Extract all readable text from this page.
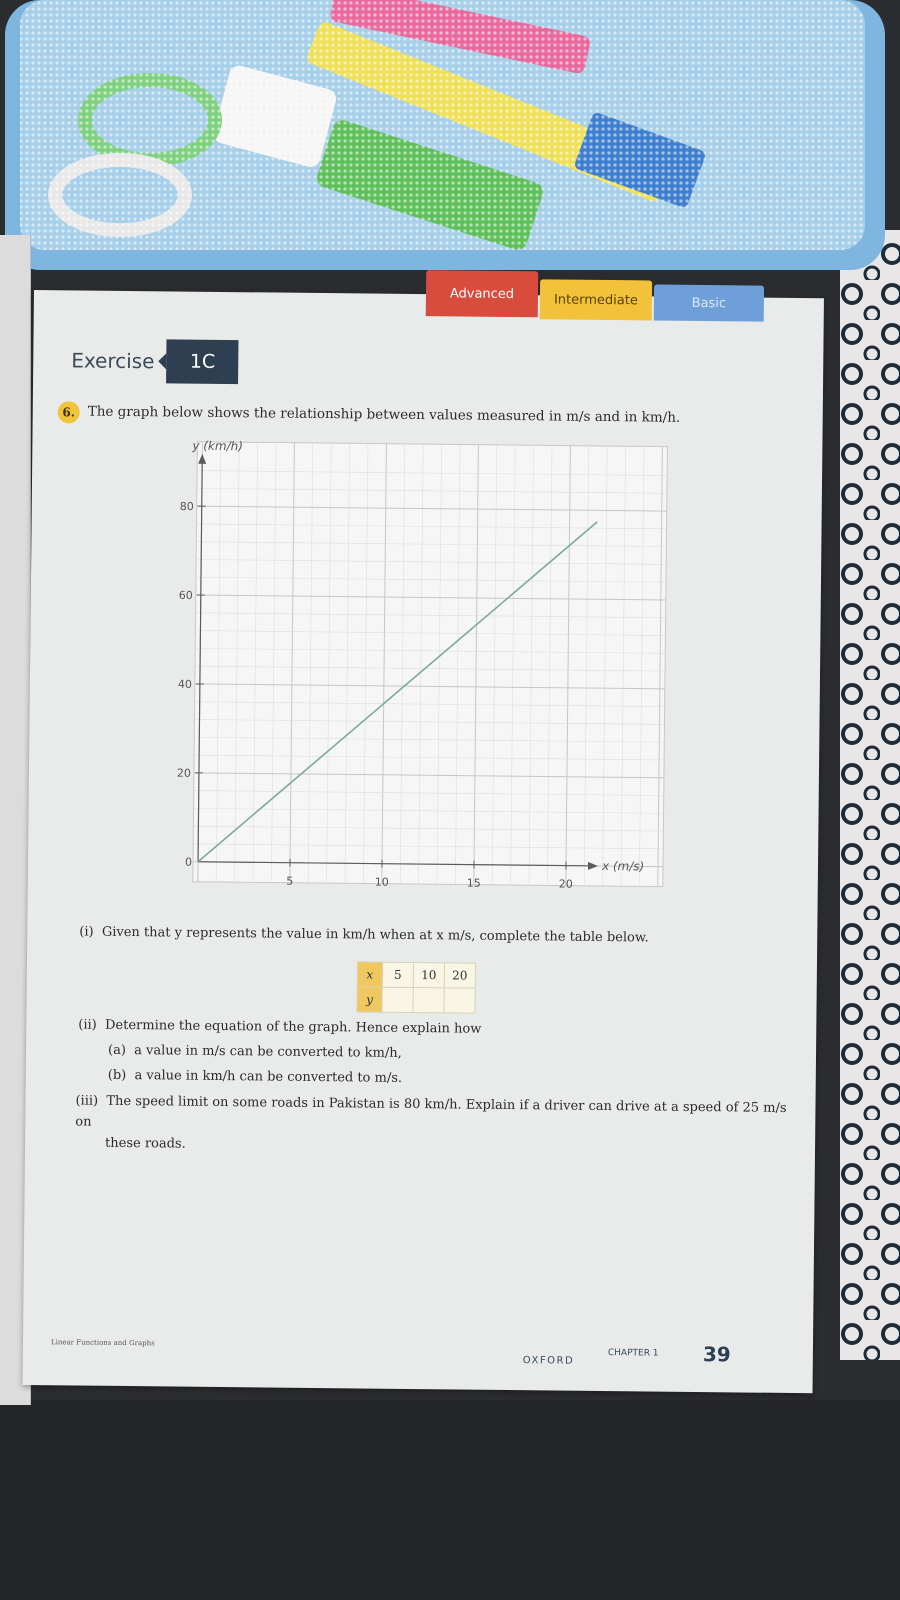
Advanced	Intermediate	Basic
Exercise	1C
6. The graph below shows the relationship between values measured in m/s and in km/h.
5	10	15	20
20
40
60
80
0
y (km/h)
x (m/s)
(i) Given that y represents the value in km/h when at x m/s, complete the table below.
x	5	10	20
y			
(ii) Determine the equation of the graph. Hence explain how
(a) a value in m/s can be converted to km/h,
(b) a value in km/h can be converted to m/s.
(iii) The speed limit on some roads in Pakistan is 80 km/h. Explain if a driver can drive at a speed of 25 m/s on
these roads.
Linear Functions and Graphs
OXFORD
CHAPTER 1 39
